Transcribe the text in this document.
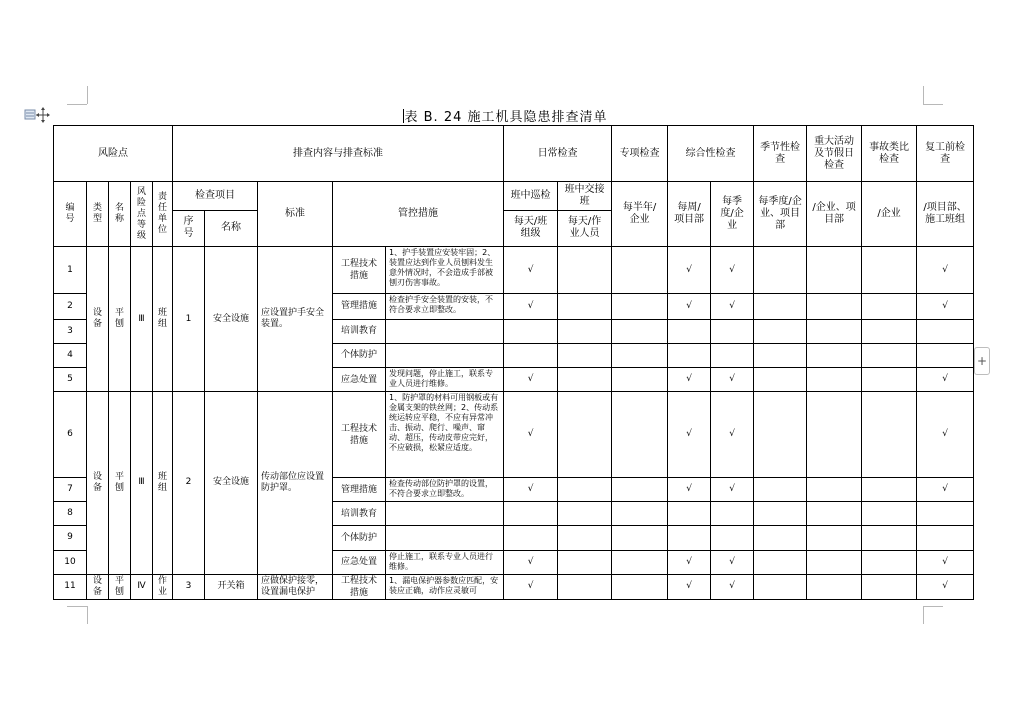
表 B. 24 施工机具隐患排查清单
+
风险点					排查内容与排查标准					日常检查		专项检查	综合性检查		季节性检查	重大活动及节假日检查	事故类比检查	复工前检查
编号	类型	名称	风险点等级	责任单位	检查项目		标准	管控措施		班中巡检	班中交接班	每半年/企业	每周/项目部	每季度/企业	每季度/企业、项目部	/企业、项目部	/企业	/项目部、施工班组
					序号	名称				每天/班组级	每天/作业人员							
1	设备	平刨	Ⅲ	班组	1	安全设施	应设置护手安全装置。	工程技术措施	1、护手装置应安装牢固；2、装置应达到作业人员刨料发生意外情况时，不会造成手部被刨刃伤害事故。	√			√	√				√
2								管理措施	检查护手安全装置的安装，不符合要求立即整改。	√			√	√				√
3								培训教育										
4								个体防护										
5								应急处置	发现问题，停止施工，联系专业人员进行维修。	√			√	√				√
6	设备	平刨	Ⅲ	班组	2	安全设施	传动部位应设置防护罩。	工程技术措施	1、防护罩的材料可用钢板或有金属支架的铁丝网；2、传动系统运转应平稳，不应有异常冲击、振动、爬行、噪声、窜动、超压，传动皮带应完好，不应破损，松紧应适度。	√			√	√				√
7								管理措施	检查传动部位防护罩的设置，不符合要求立即整改。	√			√	√				√
8								培训教育										
9								个体防护										
10								应急处置	停止施工，联系专业人员进行维修。	√			√	√				√
11	设备	平刨	Ⅳ	作业	3	开关箱	应做保护接零，设置漏电保护	工程技术措施	1、漏电保护器参数应匹配，安装应正确，动作应灵敏可	√			√	√				√
